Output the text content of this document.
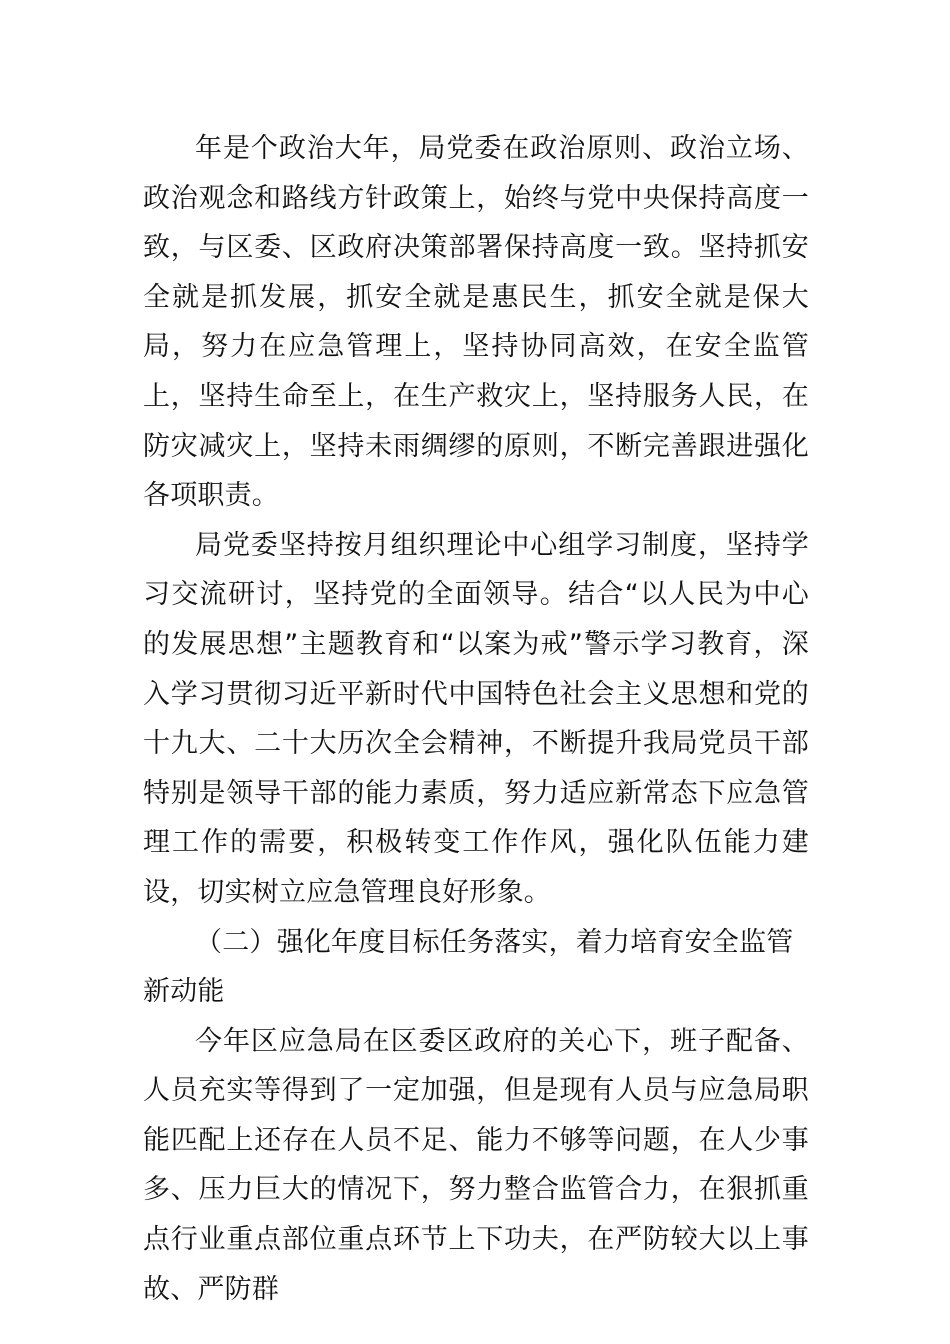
年是个政治大年，局党委在政治原则、政治立场、政治观念和路线方针政策上，始终与党中央保持高度一致，与区委、区政府决策部署保持高度一致。坚持抓安全就是抓发展，抓安全就是惠民生，抓安全就是保大局，努力在应急管理上，坚持协同高效，在安全监管上，坚持生命至上，在生产救灾上，坚持服务人民，在防灾减灾上，坚持未雨绸缪的原则，不断完善跟进强化各项职责。

局党委坚持按月组织理论中心组学习制度，坚持学习交流研讨，坚持党的全面领导。结合“以人民为中心的发展思想”主题教育和“以案为戒”警示学习教育，深入学习贯彻习近平新时代中国特色社会主义思想和党的十九大、二十大历次全会精神，不断提升我局党员干部特别是领导干部的能力素质，努力适应新常态下应急管理工作的需要，积极转变工作作风，强化队伍能力建设，切实树立应急管理良好形象。

（二）强化年度目标任务落实，着力培育安全监管新动能

今年区应急局在区委区政府的关心下，班子配备、人员充实等得到了一定加强，但是现有人员与应急局职能匹配上还存在人员不足、能力不够等问题，在人少事多、压力巨大的情况下，努力整合监管合力，在狠抓重点行业重点部位重点环节上下功夫，在严防较大以上事故、严防群
